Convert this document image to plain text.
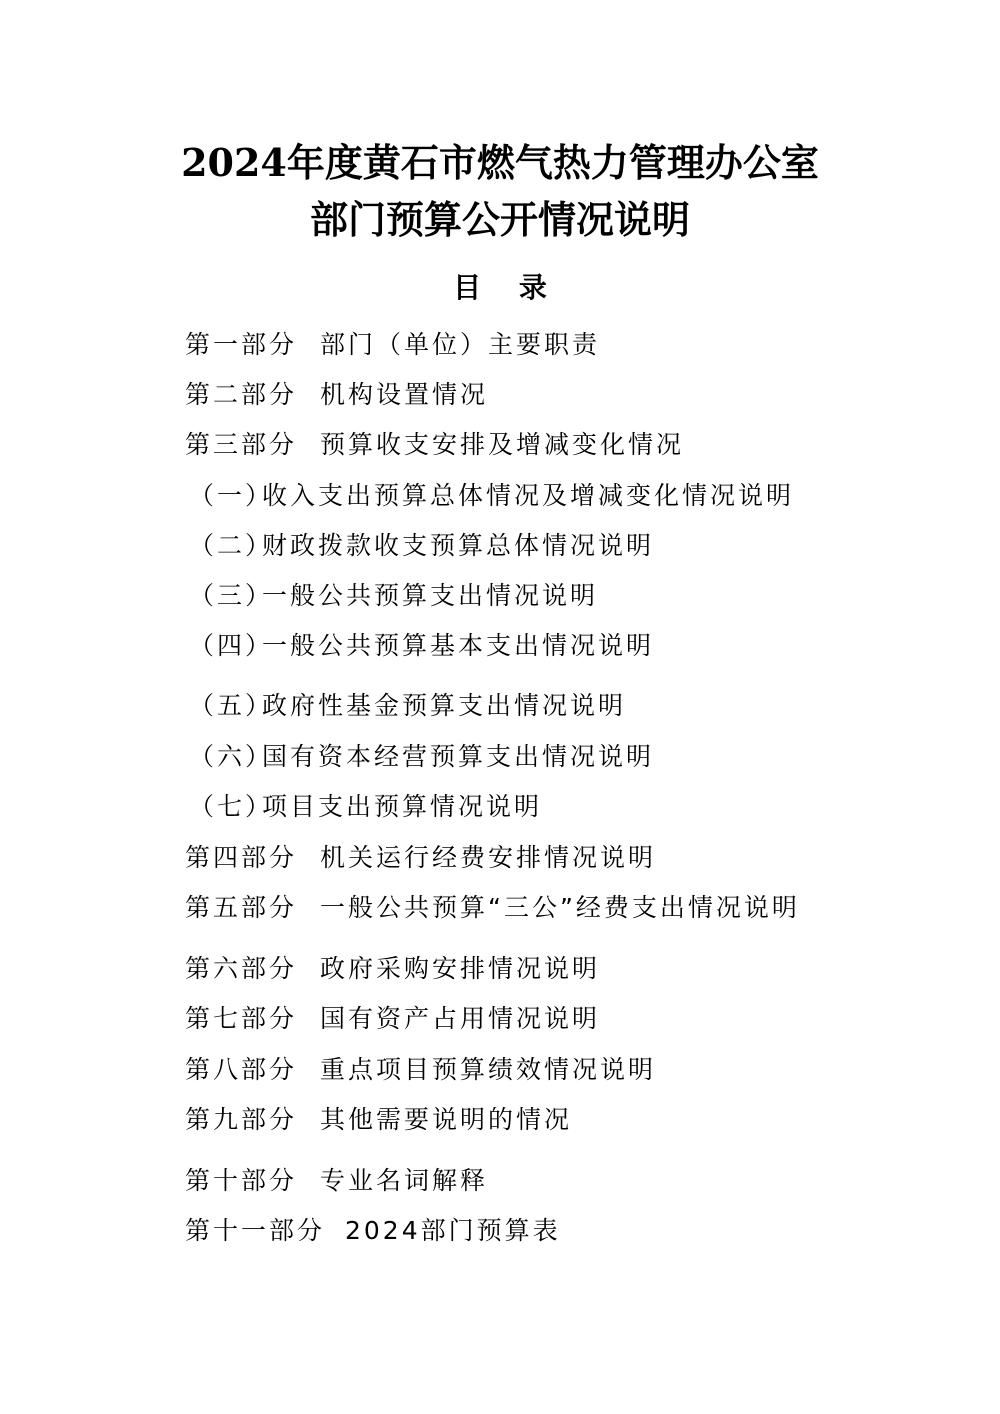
2024年度黄石市燃气热力管理办公室
部门预算公开情况说明
目 录
第一部分 部门（单位）主要职责
第二部分 机构设置情况
第三部分 预算收支安排及增减变化情况
（一）
收入支出预算总体情况及增减变化情况说明
（二）
财政拨款收支预算总体情况说明
（三）
一般公共预算支出情况说明
（四）
一般公共预算基本支出情况说明
（五）
政府性基金预算支出情况说明
（六）
国有资本经营预算支出情况说明
（七）
项目支出预算情况说明
第四部分 机关运行经费安排情况说明
第五部分 一般公共预算“三公”经费支出情况说明
第六部分 政府采购安排情况说明
第七部分 国有资产占用情况说明
第八部分 重点项目预算绩效情况说明
第九部分 其他需要说明的情况
第十部分 专业名词解释
第十一部分 2024部门预算表
